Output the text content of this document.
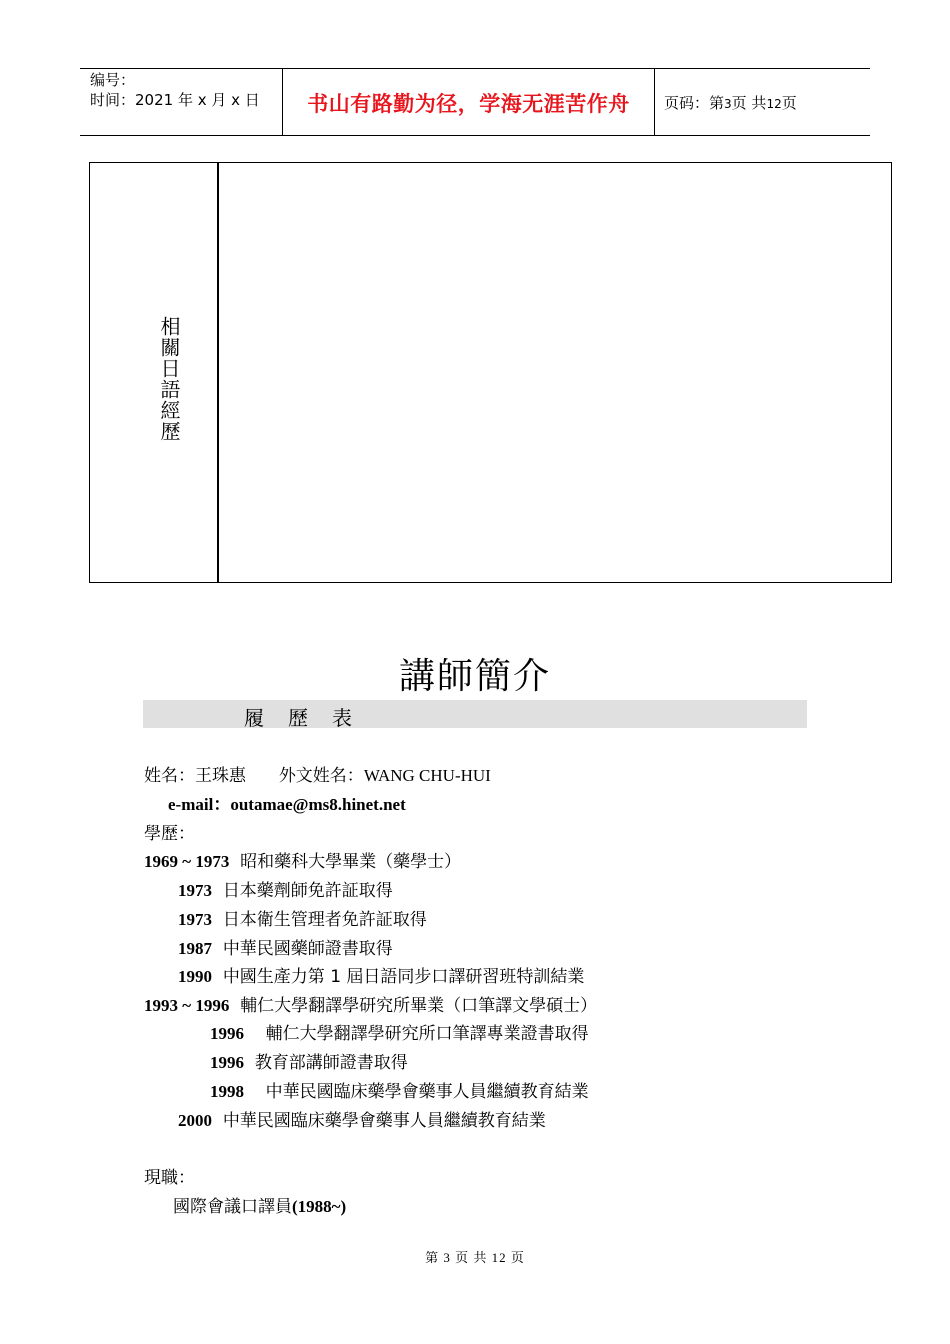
编号：
时间：2021 年 x 月 x 日	书山有路勤为径，学海无涯苦作舟	页码：第3页 共12页
相關日語經歷
講師簡介
履歷表
姓名：王珠惠 外文姓名：WANG CHU-HUI
e-mail：outamae@ms8.hinet.net
學歷：
1969 ~ 1973 昭和藥科大學畢業（藥學士）
1973 日本藥劑師免許証取得
1973 日本衛生管理者免許証取得
1987 中華民國藥師證書取得
1990 中國生產力第 1 屆日語同步口譯研習班特訓結業
1993 ~ 1996 輔仁大學翻譯學研究所畢業（口筆譯文學碩士）
1996 輔仁大學翻譯學研究所口筆譯專業證書取得
1996 教育部講師證書取得
1998 中華民國臨床藥學會藥事人員繼續教育結業
2000 中華民國臨床藥學會藥事人員繼續教育結業
現職：
國際會議口譯員(1988~)
第 3 页 共 12 页
